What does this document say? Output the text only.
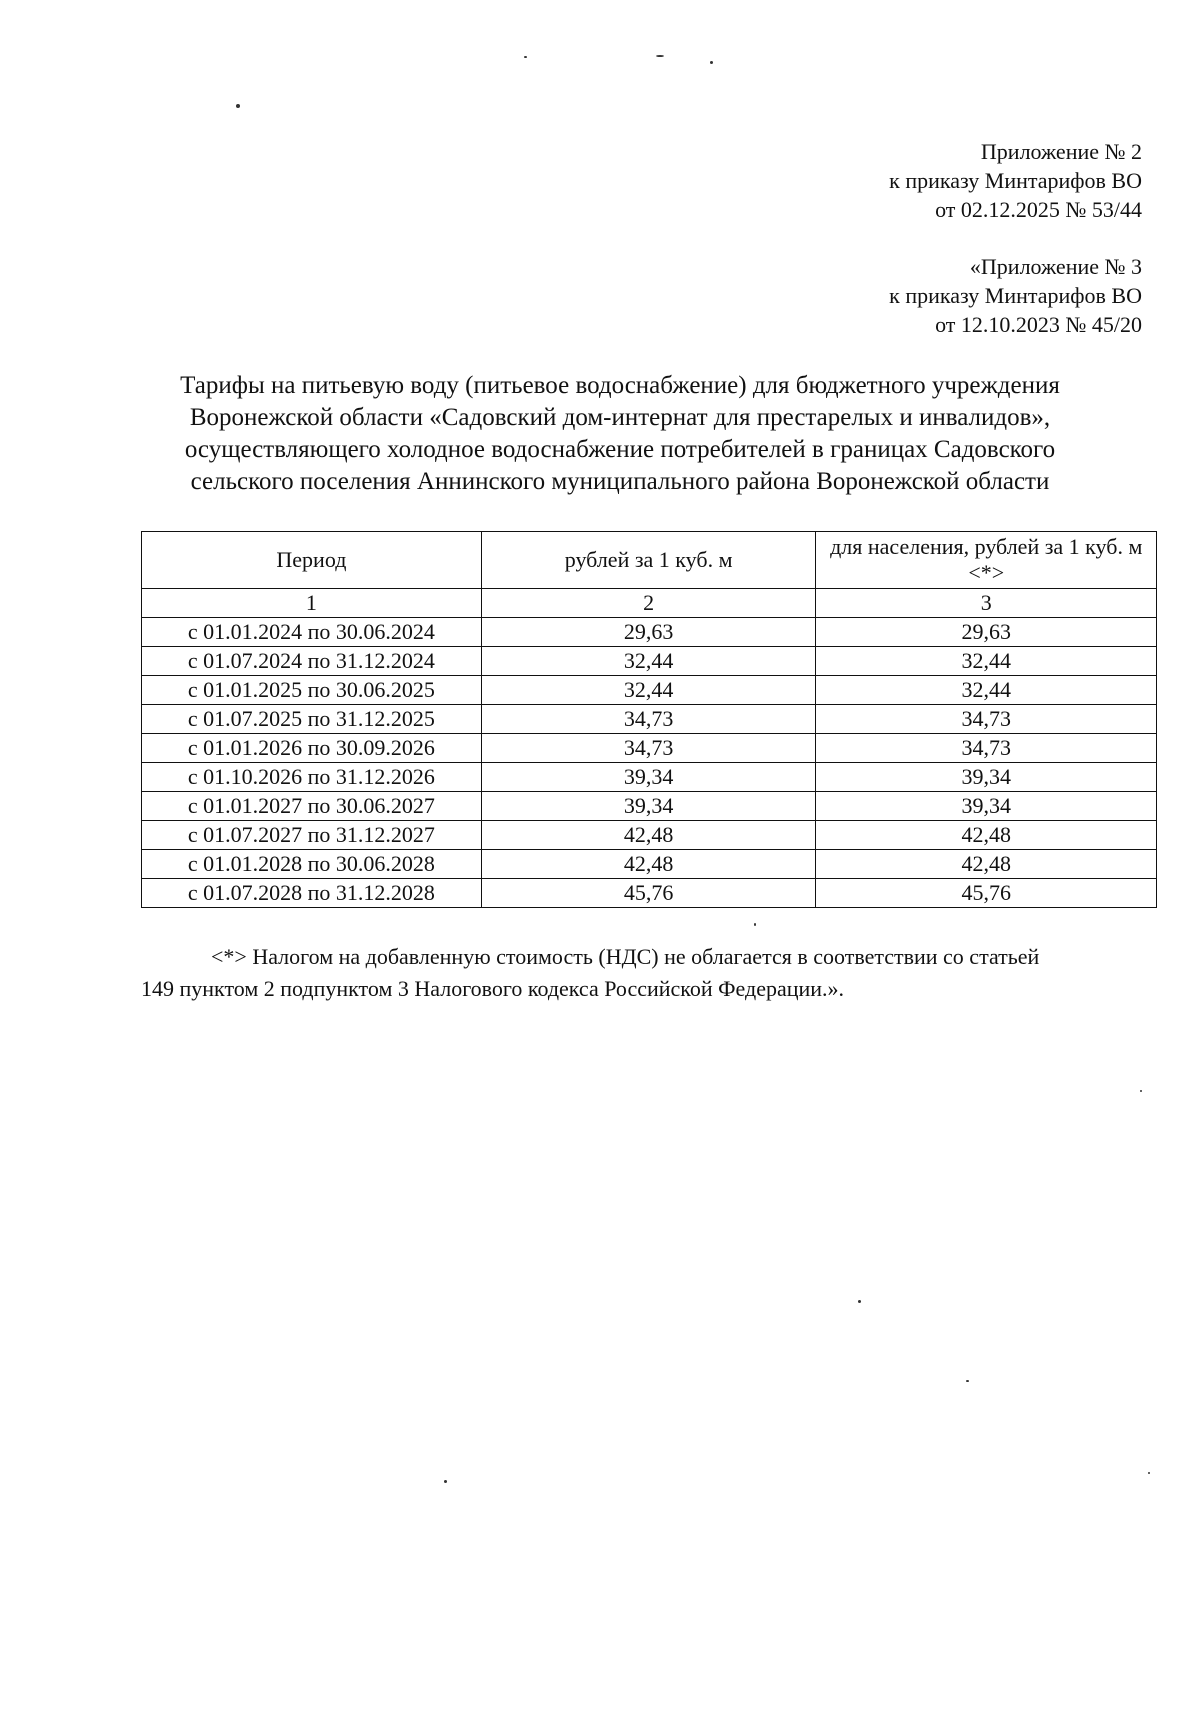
Приложение № 2
к приказу Минтарифов ВО
от 02.12.2025 № 53/44
«Приложение № 3
к приказу Минтарифов ВО
от 12.10.2023 № 45/20
Тарифы на питьевую воду (питьевое водоснабжение) для бюджетного учреждения
Воронежской области «Садовский дом-интернат для престарелых и инвалидов»,
осуществляющего холодное водоснабжение потребителей в границах Садовского
сельского поселения Аннинского муниципального района Воронежской области
Период	рублей за 1 куб. м	для населения, рублей за 1 куб. м <*>
1	2	3
с 01.01.2024 по 30.06.2024	29,63	29,63
с 01.07.2024 по 31.12.2024	32,44	32,44
с 01.01.2025 по 30.06.2025	32,44	32,44
с 01.07.2025 по 31.12.2025	34,73	34,73
с 01.01.2026 по 30.09.2026	34,73	34,73
с 01.10.2026 по 31.12.2026	39,34	39,34
с 01.01.2027 по 30.06.2027	39,34	39,34
с 01.07.2027 по 31.12.2027	42,48	42,48
с 01.01.2028 по 30.06.2028	42,48	42,48
с 01.07.2028 по 31.12.2028	45,76	45,76
<*> Налогом на добавленную стоимость (НДС) не облагается в соответствии со статьей
149 пунктом 2 подпунктом 3 Налогового кодекса Российской Федерации.».
